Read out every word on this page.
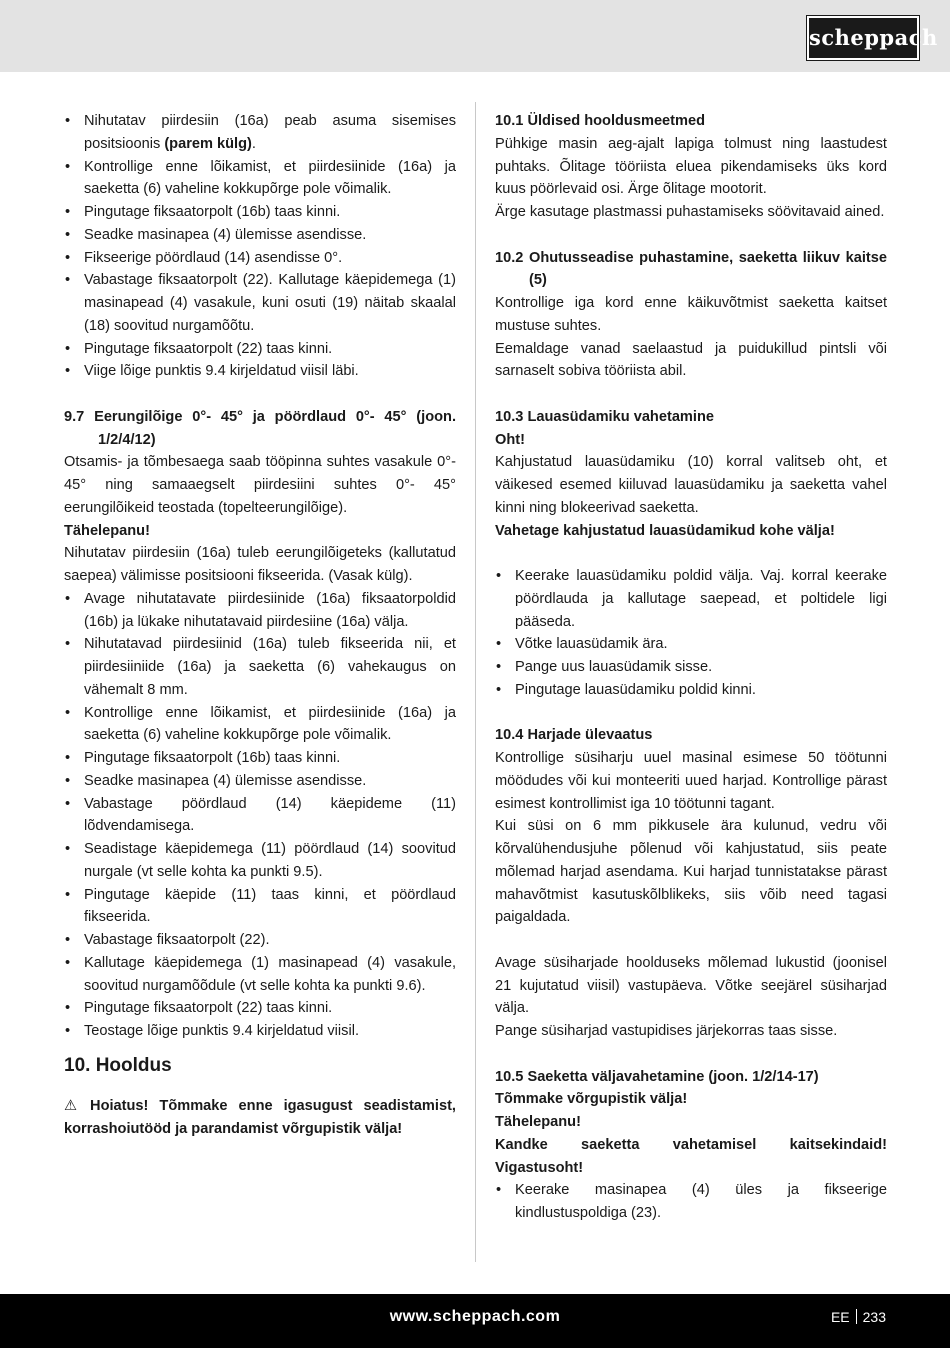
scheppach
• Nihutatav piirdesiin (16a) peab asuma sisemises positsioonis (parem külg).
• Kontrollige enne lõikamist, et piirdesiinide (16a) ja saeketta (6) vaheline kokkupõrge pole võimalik.
• Pingutage fiksaatorpolt (16b) taas kinni.
• Seadke masinapea (4) ülemisse asendisse.
• Fikseerige pöördlaud (14) asendisse 0°.
• Vabastage fiksaatorpolt (22). Kallutage käepidemega (1) masinapead (4) vasakule, kuni osuti (19) näitab skaalal (18) soovitud nurgamõõtu.
• Pingutage fiksaatorpolt (22) taas kinni.
• Viige lõige punktis 9.4 kirjeldatud viisil läbi.

9.7 Eerungilõige 0°- 45° ja pöördlaud 0°- 45° (joon. 1/2/4/12)

Otsamis- ja tõmbesaega saab tööpinna suhtes vasakule 0°- 45° ning samaaegselt piirdesiini suhtes 0°- 45° eerungilõikeid teostada (topelteerungilõige).

Tähelepanu!

Nihutatav piirdesiin (16a) tuleb eerungilõigeteks (kallutatud saepea) välimisse positsiooni fikseerida. (Vasak külg).

• Avage nihutatavate piirdesiinide (16a) fiksaatorpoldid (16b) ja lükake nihutatavaid piirdesiine (16a) välja.
• Nihutatavad piirdesiinid (16a) tuleb fikseerida nii, et piirdesiiniide (16a) ja saeketta (6) vahekaugus on vähemalt 8 mm.
• Kontrollige enne lõikamist, et piirdesiinide (16a) ja saeketta (6) vaheline kokkupõrge pole võimalik.
• Pingutage fiksaatorpolt (16b) taas kinni.
• Seadke masinapea (4) ülemisse asendisse.
• Vabastage pöördlaud (14) käepideme (11) lõdvendamisega.
• Seadistage käepidemega (11) pöördlaud (14) soovitud nurgale (vt selle kohta ka punkti 9.5).
• Pingutage käepide (11) taas kinni, et pöördlaud fikseerida.
• Vabastage fiksaatorpolt (22).
• Kallutage käepidemega (1) masinapead (4) vasakule, soovitud nurgamõõdule (vt selle kohta ka punkti 9.6).
• Pingutage fiksaatorpolt (22) taas kinni.
• Teostage lõige punktis 9.4 kirjeldatud viisil.
10. Hooldus

⚠ Hoiatus! Tõmmake enne igasugust seadistamist, korrashoiutööd ja parandamist võrgupistik välja!

10.1 Üldised hooldusmeetmed

Pühkige masin aeg-ajalt lapiga tolmust ning laastudest puhtaks. Õlitage tööriista eluea pikendamiseks üks kord kuus pöörlevaid osi. Ärge õlitage mootorit.

Ärge kasutage plastmassi puhastamiseks söövitavaid ained.

10.2 Ohutusseadise puhastamine, saeketta liikuv kaitse (5)

Kontrollige iga kord enne käikuvõtmist saeketta kaitset mustuse suhtes.

Eemaldage vanad saelaastud ja puidukillud pintsli või sarnaselt sobiva tööriista abil.

10.3 Lauasüdamiku vahetamine

Oht!

Kahjustatud lauasüdamiku (10) korral valitseb oht, et väikesed esemed kiiluvad lauasüdamiku ja saeketta vahel kinni ning blokeerivad saeketta.

Vahetage kahjustatud lauasüdamikud kohe välja!

• Keerake lauasüdamiku poldid välja. Vaj. korral keerake pöördlauda ja kallutage saepead, et poltidele ligi pääseda.
• Võtke lauasüdamik ära.
• Pange uus lauasüdamik sisse.
• Pingutage lauasüdamiku poldid kinni.

10.4 Harjade ülevaatus

Kontrollige süsiharju uuel masinal esimese 50 töötunni möödudes või kui monteeriti uued harjad. Kontrollige pärast esimest kontrollimist iga 10 töötunni tagant.

Kui süsi on 6 mm pikkusele ära kulunud, vedru või kõrvalühendusjuhe põlenud või kahjustatud, siis peate mõlemad harjad asendama. Kui harjad tunnistatakse pärast mahavõtmist kasutuskõlblikeks, siis võib need tagasi paigaldada.

Avage süsiharjade hoolduseks mõlemad lukustid (joonisel 21 kujutatud viisil) vastupäeva. Võtke seejärel süsiharjad välja.

Pange süsiharjad vastupidises järjekorras taas sisse.

10.5 Saeketta väljavahetamine (joon. 1/2/14-17)

Tõmmake võrgupistik välja!

Tähelepanu!

Kandke saeketta vahetamisel kaitsekindaid! Vigastusoht!

• Keerake masinapea (4) üles ja fikseerige kindlustuspoldiga (23).
www.scheppach.com	EE 233
